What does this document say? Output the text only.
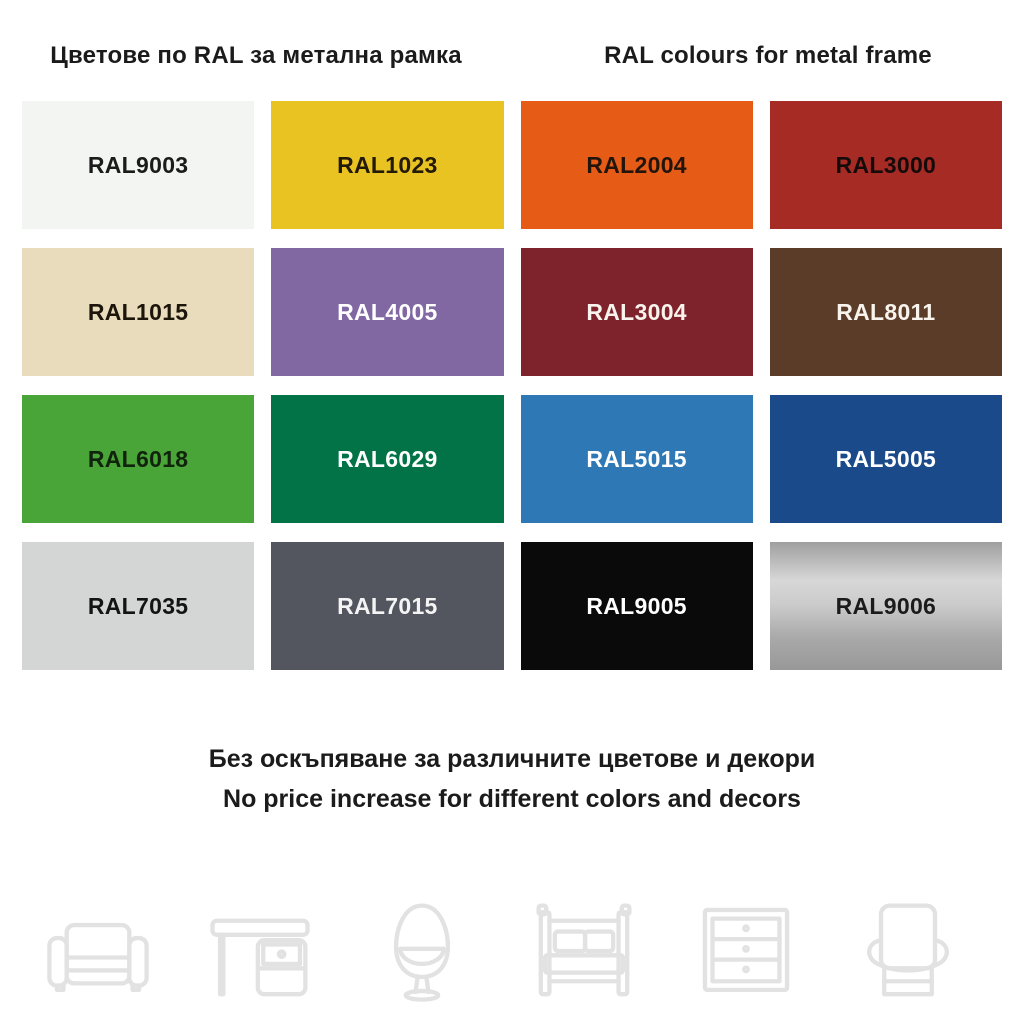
Цветове по RAL за метална рамка	RAL colours for metal frame
RAL9003	RAL1023	RAL2004	RAL3000
RAL1015	RAL4005	RAL3004	RAL8011
RAL6018	RAL6029	RAL5015	RAL5005
RAL7035	RAL7015	RAL9005	RAL9006
Без оскъпяване за различните цветове и декори
No price increase for different colors and decors
